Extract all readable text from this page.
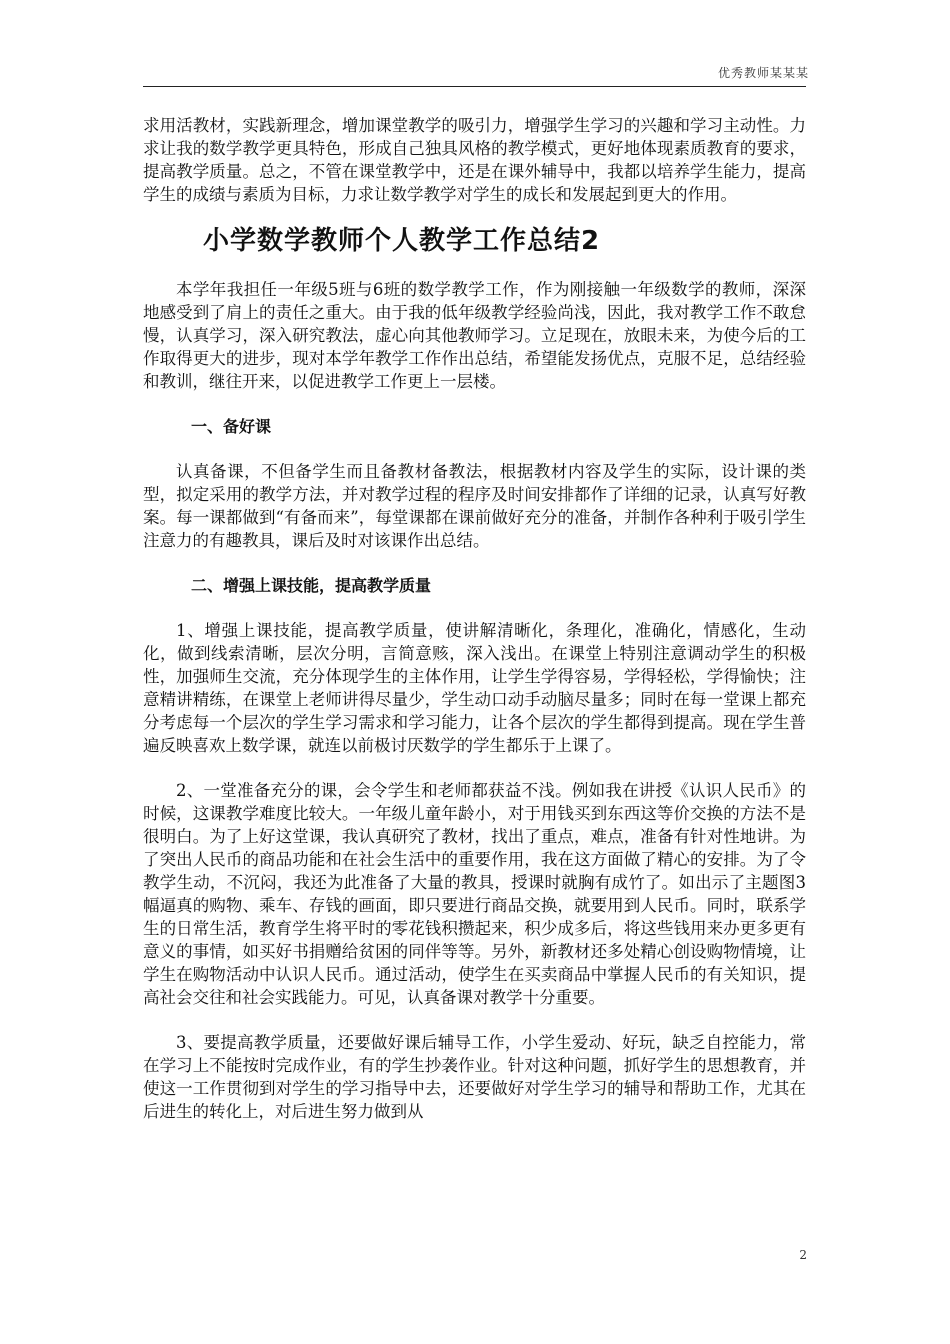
优秀教师某某某

求用活教材，实践新理念，增加课堂教学的吸引力，增强学生学习的兴趣和学习主动性。力求让我的数学教学更具特色，形成自己独具风格的教学模式，更好地体现素质教育的要求，提高教学质量。总之，不管在课堂教学中，还是在课外辅导中，我都以培养学生能力，提高学生的成绩与素质为目标，力求让数学教学对学生的成长和发展起到更大的作用。

小学数学教师个人教学工作总结2

本学年我担任一年级5班与6班的数学教学工作，作为刚接触一年级数学的教师，深深地感受到了肩上的责任之重大。由于我的低年级教学经验尚浅，因此，我对教学工作不敢怠慢，认真学习，深入研究教法，虚心向其他教师学习。立足现在，放眼未来，为使今后的工作取得更大的进步，现对本学年教学工作作出总结，希望能发扬优点，克服不足，总结经验和教训，继往开来，以促进教学工作更上一层楼。

一、备好课

认真备课，不但备学生而且备教材备教法，根据教材内容及学生的实际，设计课的类型，拟定采用的教学方法，并对教学过程的程序及时间安排都作了详细的记录，认真写好教案。每一课都做到“有备而来”，每堂课都在课前做好充分的准备，并制作各种利于吸引学生注意力的有趣教具，课后及时对该课作出总结。

二、增强上课技能，提高教学质量

1、增强上课技能，提高教学质量，使讲解清晰化，条理化，准确化，情感化，生动化，做到线索清晰，层次分明，言简意赅，深入浅出。在课堂上特别注意调动学生的积极性，加强师生交流，充分体现学生的主体作用，让学生学得容易，学得轻松，学得愉快；注意精讲精练，在课堂上老师讲得尽量少，学生动口动手动脑尽量多；同时在每一堂课上都充分考虑每一个层次的学生学习需求和学习能力，让各个层次的学生都得到提高。现在学生普遍反映喜欢上数学课，就连以前极讨厌数学的学生都乐于上课了。

2、一堂准备充分的课，会令学生和老师都获益不浅。例如我在讲授《认识人民币》的时候，这课教学难度比较大。一年级儿童年龄小，对于用钱买到东西这等价交换的方法不是很明白。为了上好这堂课，我认真研究了教材，找出了重点，难点，准备有针对性地讲。为了突出人民币的商品功能和在社会生活中的重要作用，我在这方面做了精心的安排。为了令教学生动，不沉闷，我还为此准备了大量的教具，授课时就胸有成竹了。如出示了主题图3幅逼真的购物、乘车、存钱的画面，即只要进行商品交换，就要用到人民币。同时，联系学生的日常生活，教育学生将平时的零花钱积攒起来，积少成多后，将这些钱用来办更多更有意义的事情，如买好书捐赠给贫困的同伴等等。另外，新教材还多处精心创设购物情境，让学生在购物活动中认识人民币。通过活动，使学生在买卖商品中掌握人民币的有关知识，提高社会交往和社会实践能力。可见，认真备课对教学十分重要。

3、要提高教学质量，还要做好课后辅导工作，小学生爱动、好玩，缺乏自控能力，常在学习上不能按时完成作业，有的学生抄袭作业。针对这种问题，抓好学生的思想教育，并使这一工作贯彻到对学生的学习指导中去，还要做好对学生学习的辅导和帮助工作，尤其在后进生的转化上，对后进生努力做到从

2
